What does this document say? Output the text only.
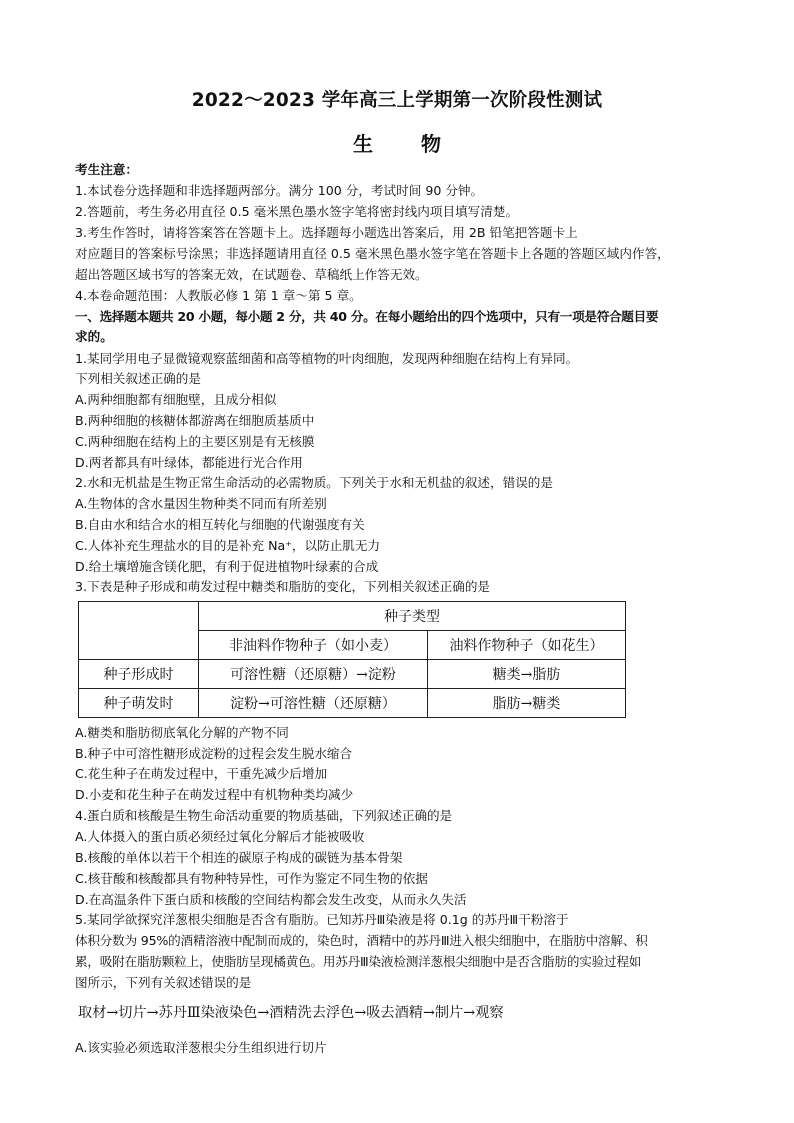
2022～2023 学年高三上学期第一次阶段性测试
生物
考生注意：
1.本试卷分选择题和非选择题两部分。满分 100 分，考试时间 90 分钟。
2.答题前，考生务必用直径 0.5 毫米黑色墨水签字笔将密封线内项目填写清楚。
3.考生作答时，请将答案答在答题卡上。选择题每小题选出答案后，用 2B 铅笔把答题卡上
对应题目的答案标号涂黑；非选择题请用直径 0.5 毫米黑色墨水签字笔在答题卡上各题的答题区域内作答，
超出答题区域书写的答案无效，在试题卷、草稿纸上作答无效。
4.本卷命题范围：人教版必修 1 第 1 章～第 5 章。
一、选择题本题共 20 小题，每小题 2 分，共 40 分。在每小题给出的四个选项中，只有一项是符合题目要
求的。
1.某同学用电子显微镜观察蓝细菌和高等植物的叶肉细胞，发现两种细胞在结构上有异同。
下列相关叙述正确的是
A.两种细胞都有细胞壁，且成分相似
B.两种细胞的核糖体都游离在细胞质基质中
C.两种细胞在结构上的主要区别是有无核膜
D.两者都具有叶绿体，都能进行光合作用
2.水和无机盐是生物正常生命活动的必需物质。下列关于水和无机盐的叙述，错误的是
A.生物体的含水量因生物种类不同而有所差别
B.自由水和结合水的相互转化与细胞的代谢强度有关
C.人体补充生理盐水的目的是补充 Na⁺，以防止肌无力
D.给土壤增施含镁化肥，有利于促进植物叶绿素的合成
3.下表是种子形成和萌发过程中糖类和脂肪的变化，下列相关叙述正确的是
	种子类型	
	非油料作物种子（如小麦）	油料作物种子（如花生）
种子形成时	可溶性糖（还原糖）→淀粉	糖类→脂肪
种子萌发时	淀粉→可溶性糖（还原糖）	脂肪→糖类
A.糖类和脂肪彻底氧化分解的产物不同
B.种子中可溶性糖形成淀粉的过程会发生脱水缩合
C.花生种子在萌发过程中，干重先减少后增加
D.小麦和花生种子在萌发过程中有机物种类均减少
4.蛋白质和核酸是生物生命活动重要的物质基础，下列叙述正确的是
A.人体摄入的蛋白质必须经过氧化分解后才能被吸收
B.核酸的单体以若干个相连的碳原子构成的碳链为基本骨架
C.核苷酸和核酸都具有物种特异性，可作为鉴定不同生物的依据
D.在高温条件下蛋白质和核酸的空间结构都会发生改变，从而永久失活
5.某同学欲探究洋葱根尖细胞是否含有脂肪。已知苏丹Ⅲ染液是将 0.1g 的苏丹Ⅲ干粉溶于
体积分数为 95%的酒精溶液中配制而成的，染色时，酒精中的苏丹Ⅲ进入根尖细胞中，在脂肪中溶解、积
累，吸附在脂肪颗粒上，使脂肪呈现橘黄色。用苏丹Ⅲ染液检测洋葱根尖细胞中是否含脂肪的实验过程如
图所示，下列有关叙述错误的是
取材→切片→苏丹Ⅲ染液染色→酒精洗去浮色→吸去酒精→制片→观察
A.该实验必须选取洋葱根尖分生组织进行切片
